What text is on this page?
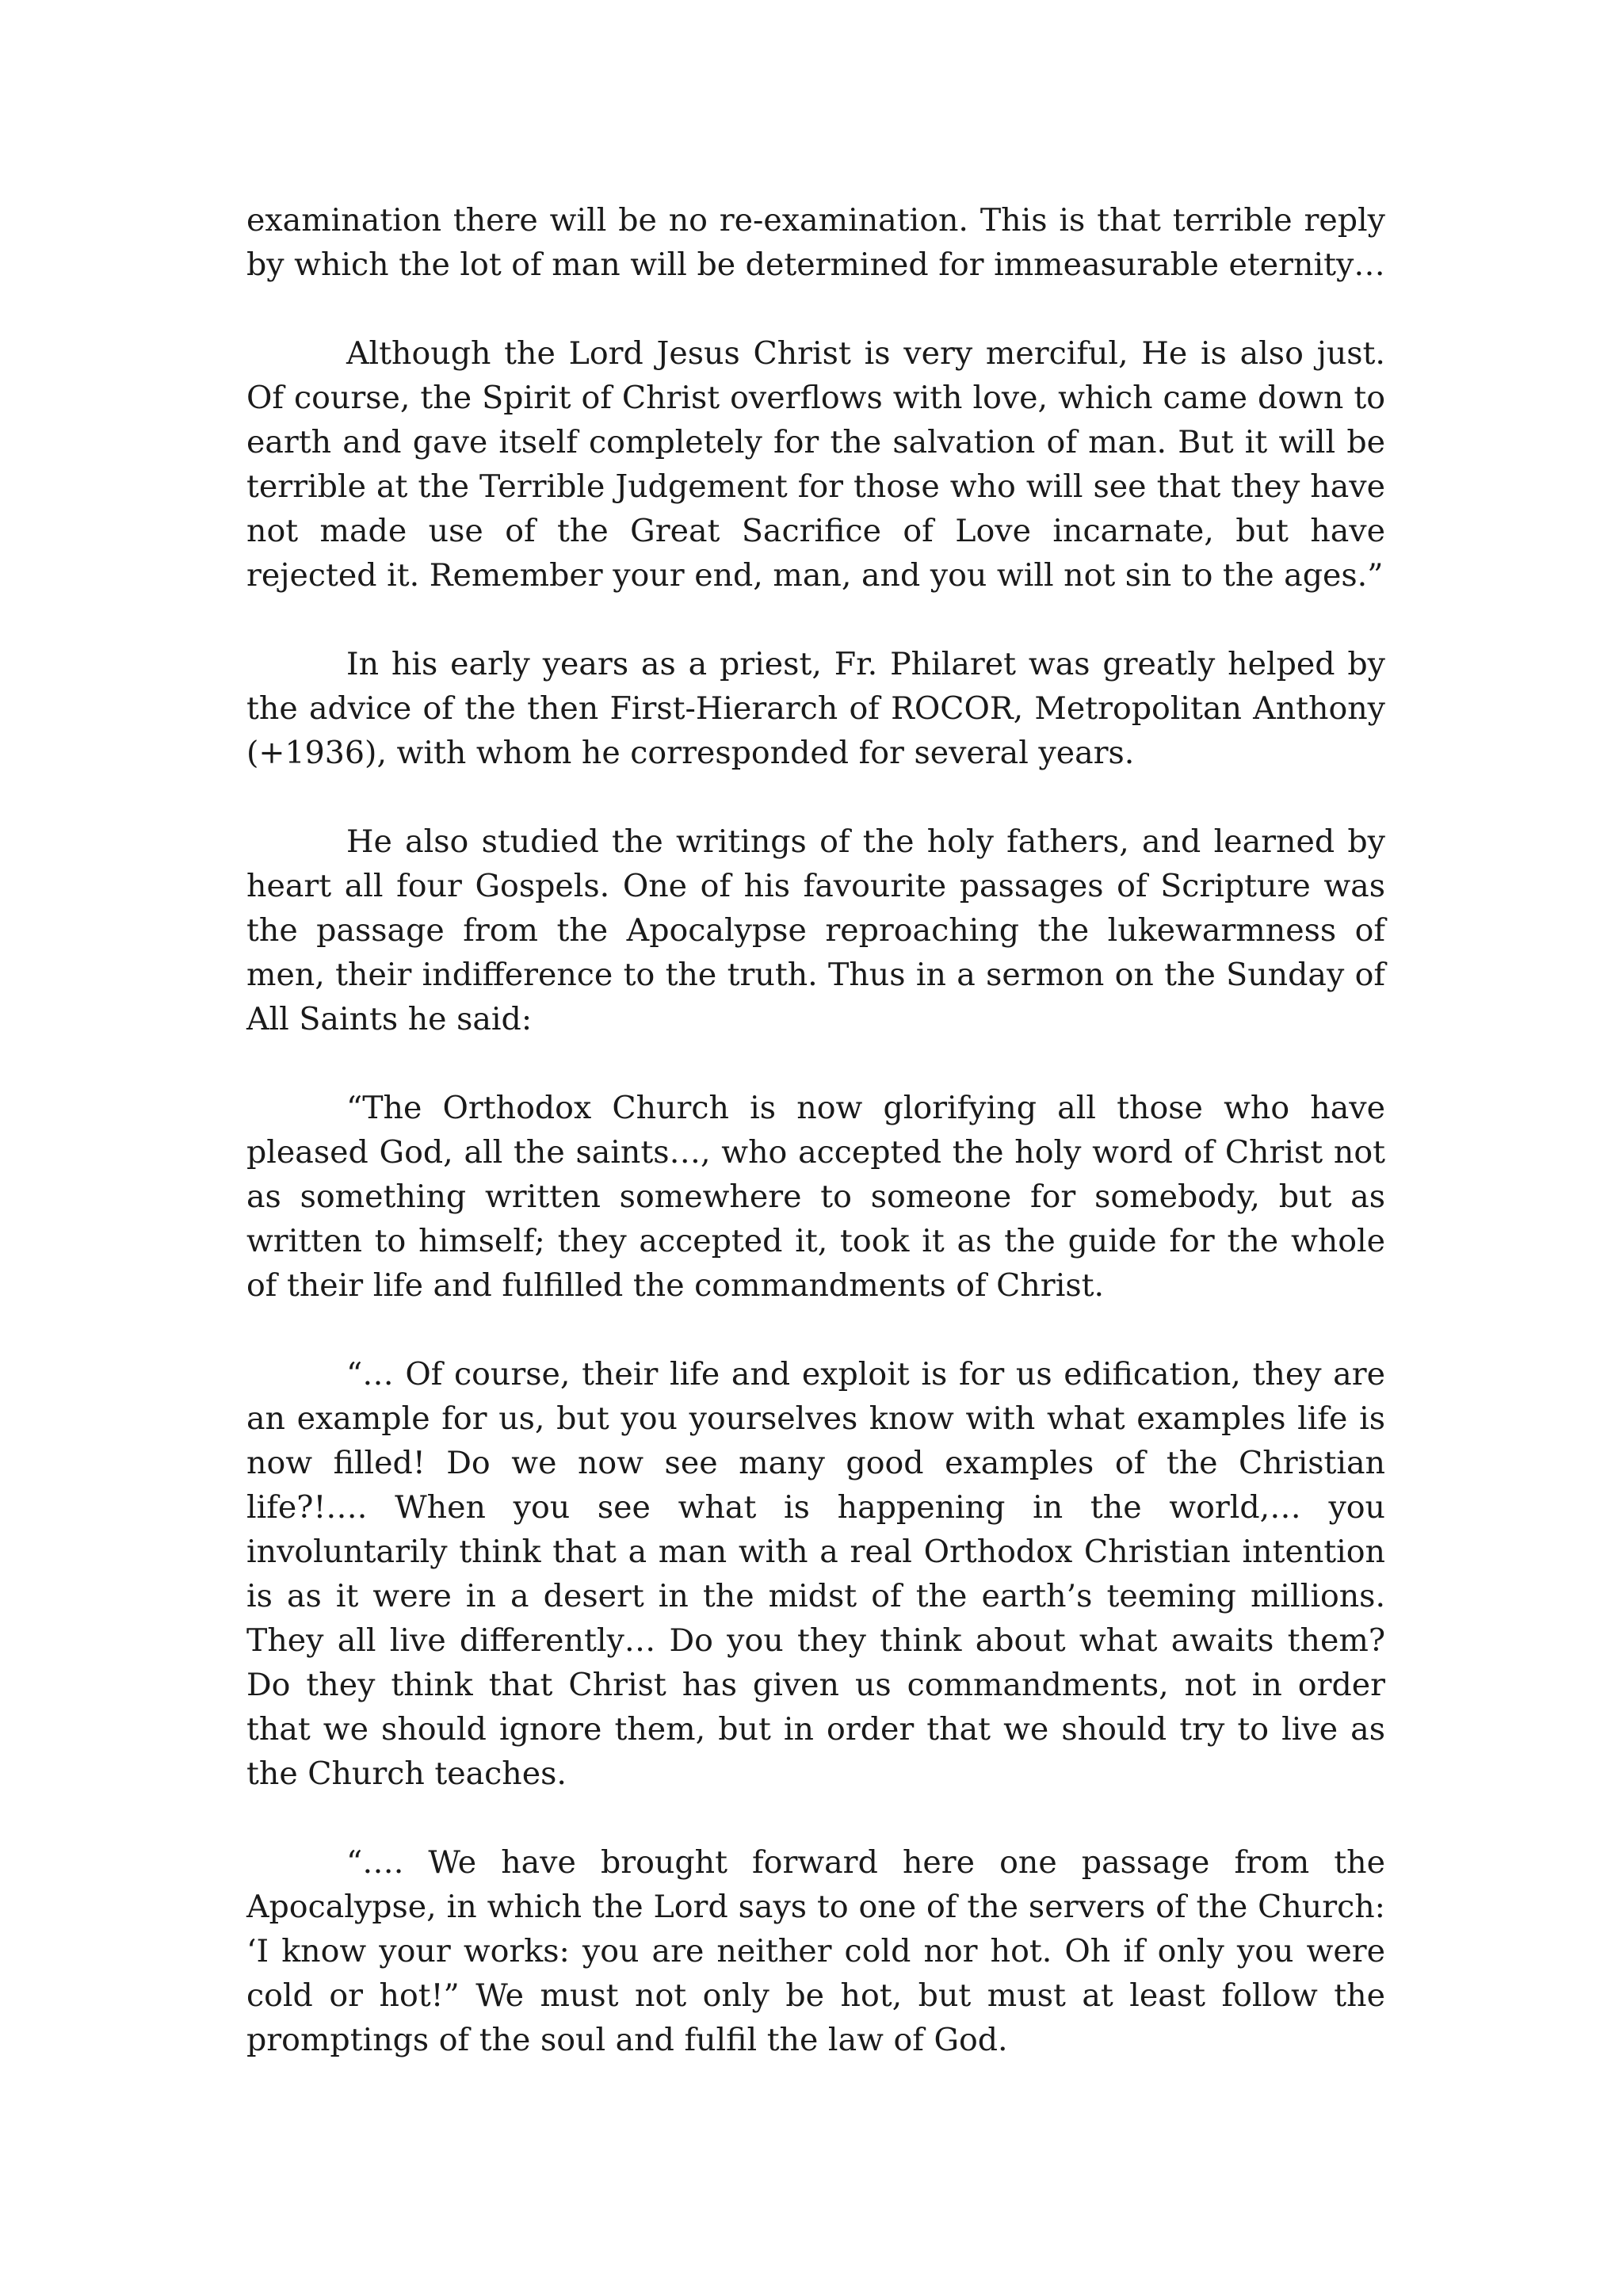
examination there will be no re-examination. This is that terrible reply by which the lot of man will be determined for immeasurable eternity…

Although the Lord Jesus Christ is very merciful, He is also just. Of course, the Spirit of Christ overflows with love, which came down to earth and gave itself completely for the salvation of man. But it will be terrible at the Terrible Judgement for those who will see that they have not made use of the Great Sacrifice of Love incarnate, but have rejected it. Remember your end, man, and you will not sin to the ages.”

In his early years as a priest, Fr. Philaret was greatly helped by the advice of the then First-Hierarch of ROCOR, Metropolitan Anthony (+1936), with whom he corresponded for several years.

He also studied the writings of the holy fathers, and learned by heart all four Gospels. One of his favourite passages of Scripture was the passage from the Apocalypse reproaching the lukewarmness of men, their indifference to the truth. Thus in a sermon on the Sunday of All Saints he said:

“The Orthodox Church is now glorifying all those who have pleased God, all the saints…, who accepted the holy word of Christ not as something written somewhere to someone for somebody, but as written to himself; they accepted it, took it as the guide for the whole of their life and fulfilled the commandments of Christ.

“… Of course, their life and exploit is for us edification, they are an example for us, but you yourselves know with what examples life is now filled! Do we now see many good examples of the Christian life?!…. When you see what is happening in the world,… you involuntarily think that a man with a real Orthodox Christian intention is as it were in a desert in the midst of the earth’s teeming millions. They all live differently… Do you they think about what awaits them? Do they think that Christ has given us commandments, not in order that we should ignore them, but in order that we should try to live as the Church teaches.

“…. We have brought forward here one passage from the Apocalypse, in which the Lord says to one of the servers of the Church: ‘I know your works: you are neither cold nor hot. Oh if only you were cold or hot!” We must not only be hot, but must at least follow the promptings of the soul and fulfil the law of God.
